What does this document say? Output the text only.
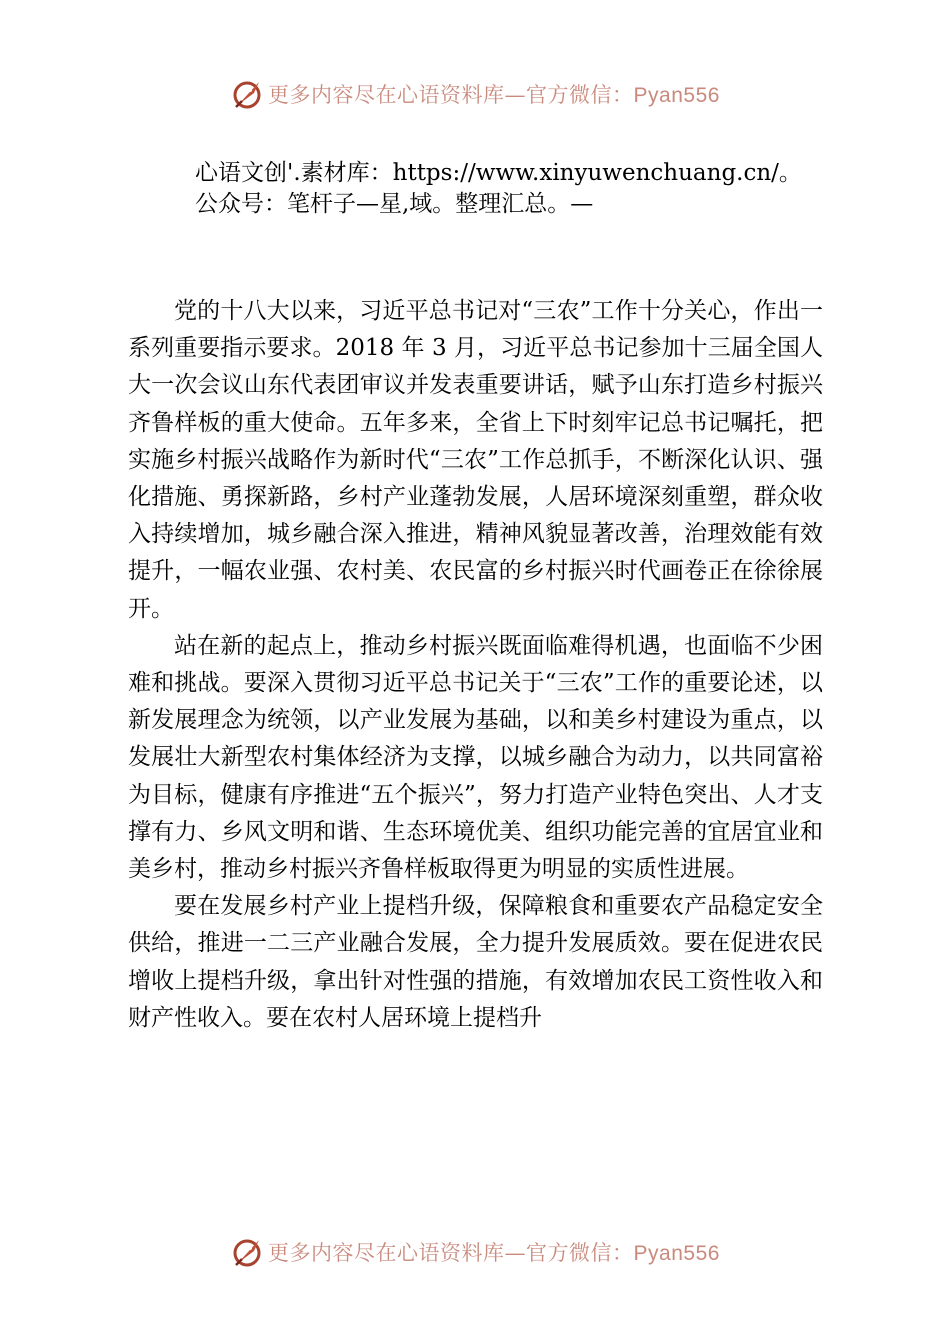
更多内容尽在心语资料库—官方微信：Pyan556
心语文创'.素材库：https://www.xinyuwenchuang.cn/。
公众号：笔杆子—星,域。整理汇总。—

党的十八大以来，习近平总书记对“三农”工作十分关心，作出一系列重要指示要求。2018 年 3 月，习近平总书记参加十三届全国人大一次会议山东代表团审议并发表重要讲话，赋予山东打造乡村振兴齐鲁样板的重大使命。五年多来，全省上下时刻牢记总书记嘱托，把实施乡村振兴战略作为新时代“三农”工作总抓手，不断深化认识、强化措施、勇探新路，乡村产业蓬勃发展，人居环境深刻重塑，群众收入持续增加，城乡融合深入推进，精神风貌显著改善，治理效能有效提升，一幅农业强、农村美、农民富的乡村振兴时代画卷正在徐徐展开。

站在新的起点上，推动乡村振兴既面临难得机遇，也面临不少困难和挑战。要深入贯彻习近平总书记关于“三农”工作的重要论述，以新发展理念为统领，以产业发展为基础，以和美乡村建设为重点，以发展壮大新型农村集体经济为支撑，以城乡融合为动力，以共同富裕为目标，健康有序推进“五个振兴”，努力打造产业特色突出、人才支撑有力、乡风文明和谐、生态环境优美、组织功能完善的宜居宜业和美乡村，推动乡村振兴齐鲁样板取得更为明显的实质性进展。

要在发展乡村产业上提档升级，保障粮食和重要农产品稳定安全供给，推进一二三产业融合发展，全力提升发展质效。要在促进农民增收上提档升级，拿出针对性强的措施，有效增加农民工资性收入和财产性收入。要在农村人居环境上提档升

更多内容尽在心语资料库—官方微信：Pyan556
